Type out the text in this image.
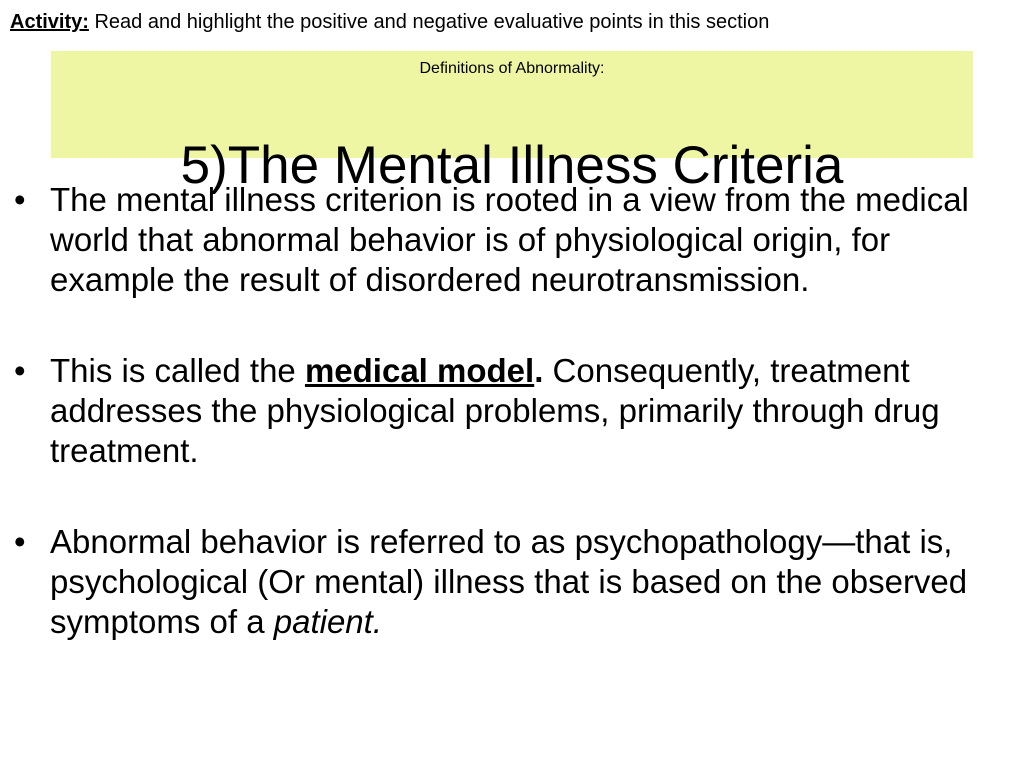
Activity: Read and highlight the positive and negative evaluative points in this section
Definitions of Abnormality:
5)The Mental Illness Criteria
• The mental illness criterion is rooted in a view from the medical world that abnormal behavior is of physiological origin, for example the result of disordered neurotransmission.
• This is called the medical model. Consequently, treatment addresses the physiological problems, primarily through drug treatment.
• Abnormal behavior is referred to as psychopathology—that is, psychological (Or mental) illness that is based on the observed symptoms of a patient.
